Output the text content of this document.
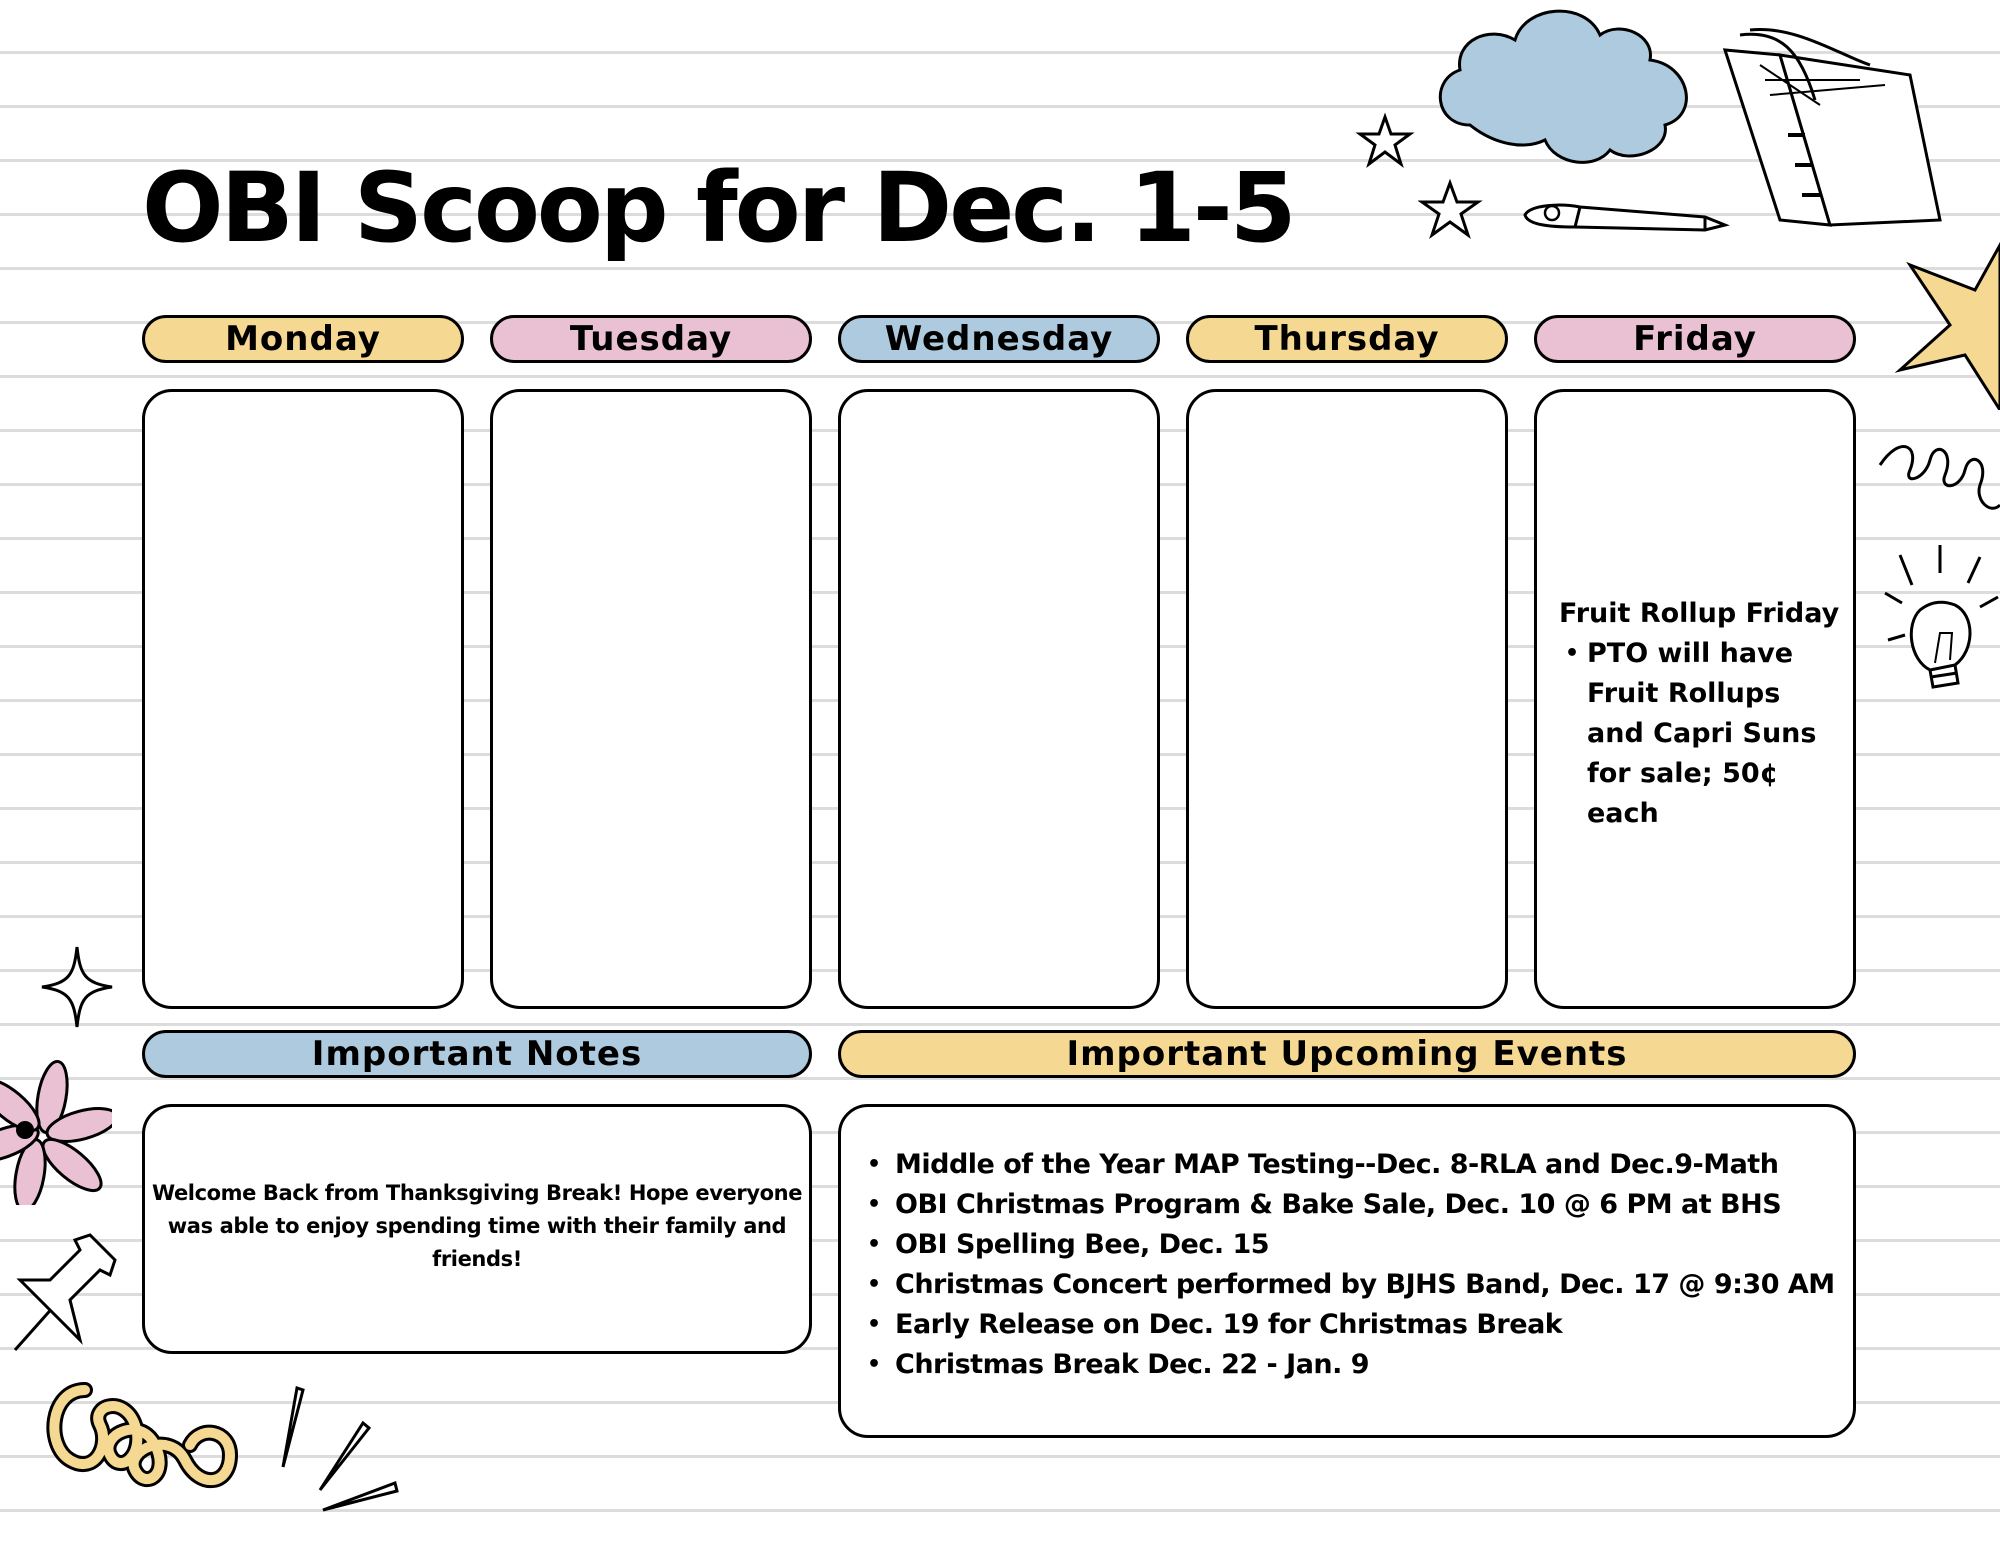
OBI Scoop for Dec. 1-5
Monday	Tuesday	Wednesday	Thursday	Friday
Fruit Rollup Friday
• PTO will have Fruit Rollups and Capri Suns for sale; 50¢ each
Important Notes	Important Upcoming Events
Welcome Back from Thanksgiving Break! Hope everyone was able to enjoy spending time with their family and friends!
• Middle of the Year MAP Testing--Dec. 8-RLA and Dec.9-Math
• OBI Christmas Program & Bake Sale, Dec. 10 @ 6 PM at BHS
• OBI Spelling Bee, Dec. 15
• Christmas Concert performed by BJHS Band, Dec. 17 @ 9:30 AM
• Early Release on Dec. 19 for Christmas Break
• Christmas Break Dec. 22 - Jan. 9
